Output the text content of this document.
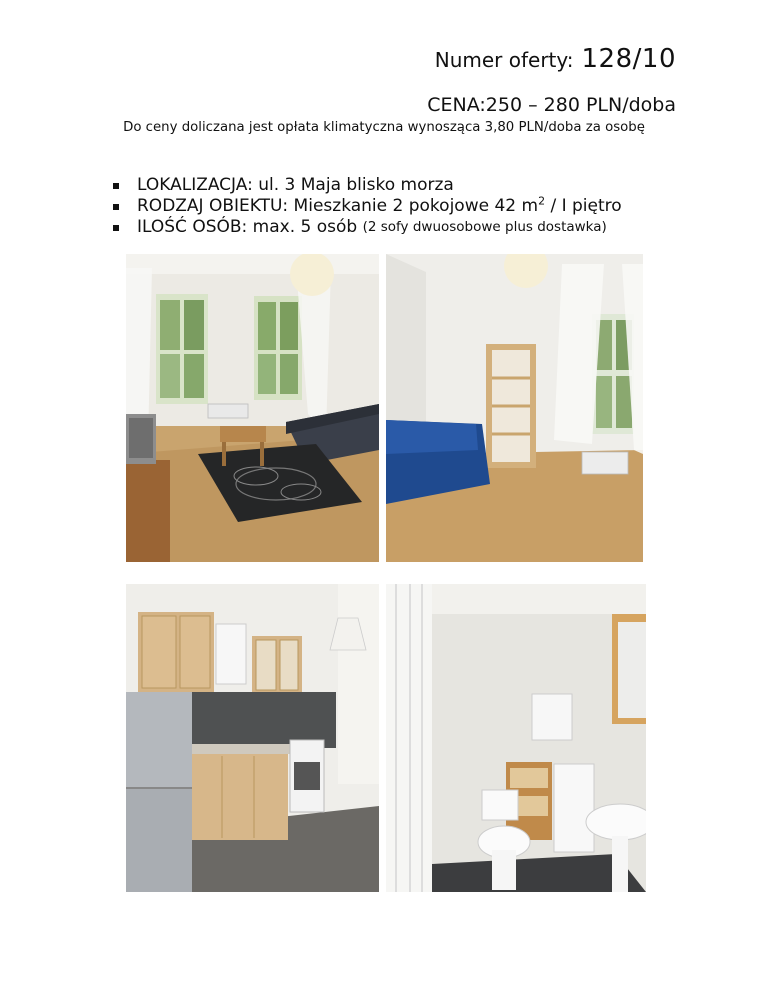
Numer oferty: 128/10
CENA:250 – 280 PLN/doba
Do ceny doliczana jest opłata klimatyczna wynosząca 3,80 PLN/doba za osobę
LOKALIZACJA: ul. 3 Maja blisko morza
RODZAJ OBIEKTU: Mieszkanie 2 pokojowe 42 $m^2$ / I piętro
ILOŚĆ OSÓB: max. 5 osób
(2 sofy dwuosobowe plus dostawka)
